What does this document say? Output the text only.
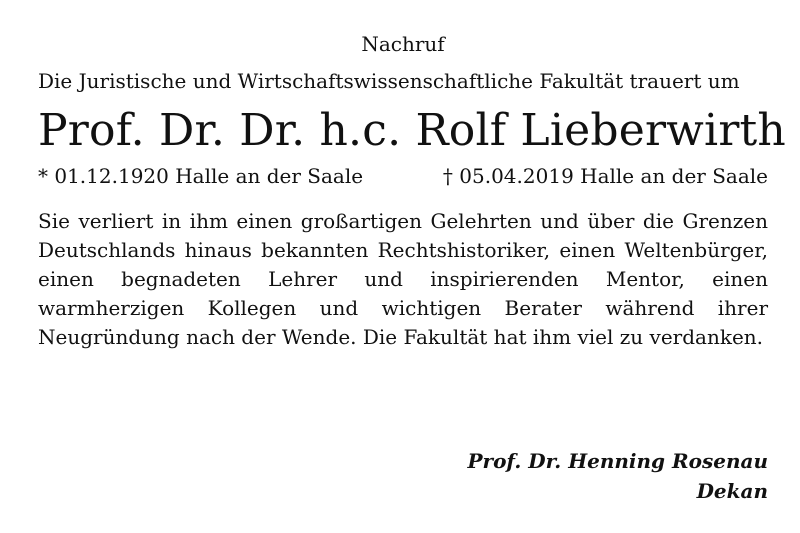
Nachruf

Die Juristische und Wirtschaftswissenschaftliche Fakultät trauert um

Prof. Dr. Dr. h.c. Rolf Lieberwirth
* 01.12.1920 Halle an der Saale	† 05.04.2019 Halle an der Saale

Sie verliert in ihm einen großartigen Gelehrten und über die Grenzen Deutschlands hinaus bekannten Rechtshistoriker, einen Weltenbürger, einen begnadeten Lehrer und inspirierenden Mentor, einen warmherzigen Kollegen und wichtigen Berater während ihrer Neugründung nach der Wende. Die Fakultät hat ihm viel zu verdanken.

Prof. Dr. Henning Rosenau
Dekan
